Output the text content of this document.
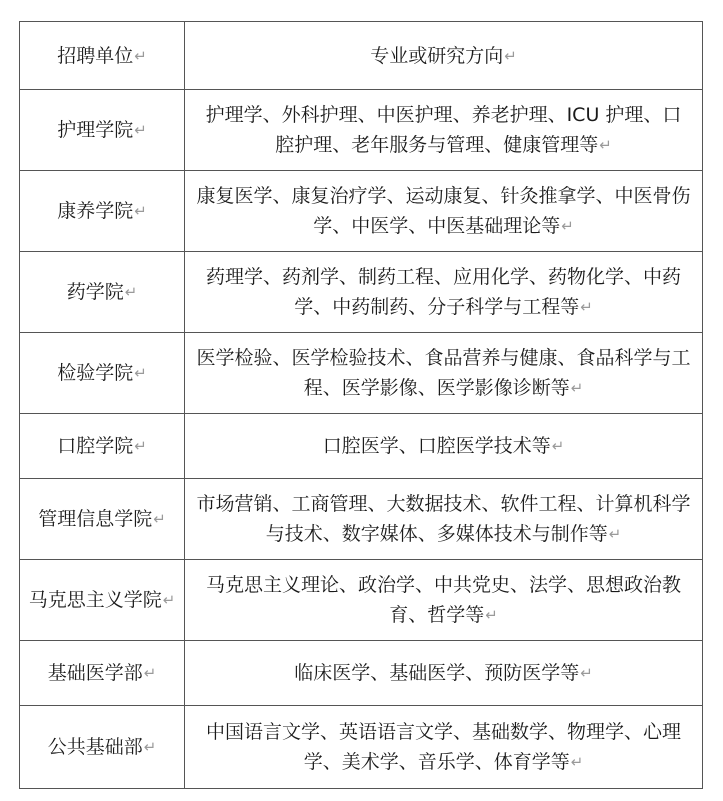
招聘单位↵	专业或研究方向↵
护理学院↵	护理学、外科护理、中医护理、养老护理、ICU 护理、口腔护理、老年服务与管理、健康管理等↵
康养学院↵	康复医学、康复治疗学、运动康复、针灸推拿学、中医骨伤学、中医学、中医基础理论等↵
药学院↵	药理学、药剂学、制药工程、应用化学、药物化学、中药学、中药制药、分子科学与工程等↵
检验学院↵	医学检验、医学检验技术、食品营养与健康、食品科学与工程、医学影像、医学影像诊断等↵
口腔学院↵	口腔医学、口腔医学技术等↵
管理信息学院↵	市场营销、工商管理、大数据技术、软件工程、计算机科学与技术、数字媒体、多媒体技术与制作等↵
马克思主义学院↵	马克思主义理论、政治学、中共党史、法学、思想政治教育、哲学等↵
基础医学部↵	临床医学、基础医学、预防医学等↵
公共基础部↵	中国语言文学、英语语言文学、基础数学、物理学、心理学、美术学、音乐学、体育学等↵
